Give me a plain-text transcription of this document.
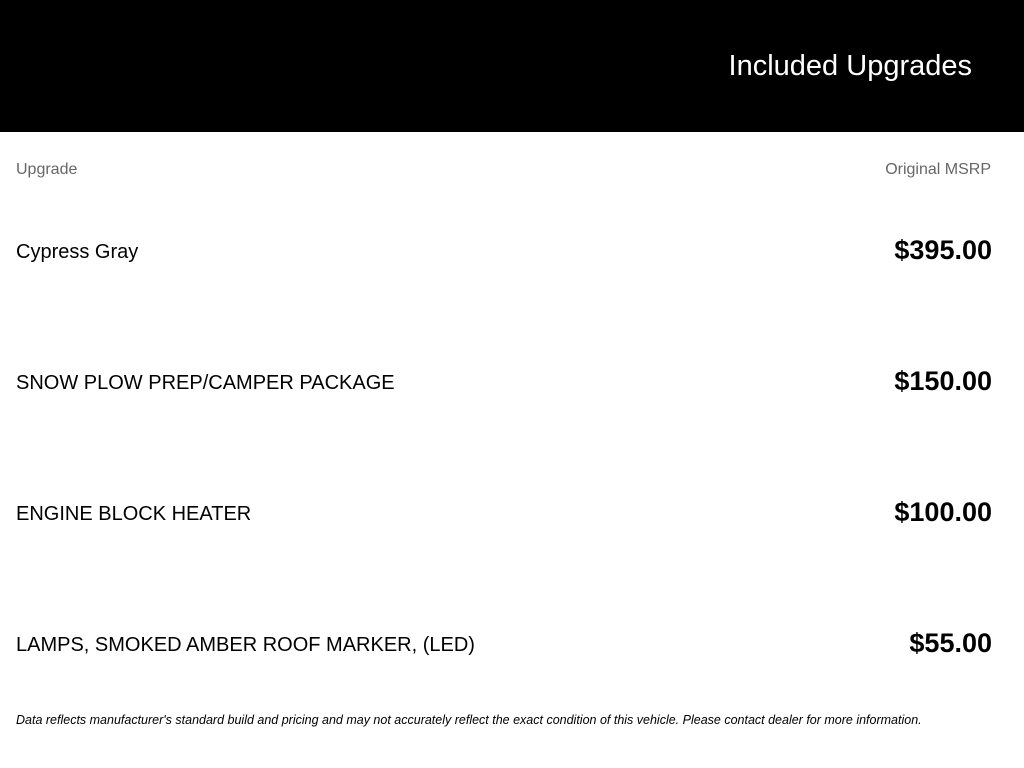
Included Upgrades
Upgrade	Original MSRP
Cypress Gray	$395.00
SNOW PLOW PREP/CAMPER PACKAGE	$150.00
ENGINE BLOCK HEATER	$100.00
LAMPS, SMOKED AMBER ROOF MARKER, (LED)	$55.00
Data reflects manufacturer's standard build and pricing and may not accurately reflect the exact condition of this vehicle. Please contact dealer for more information.
